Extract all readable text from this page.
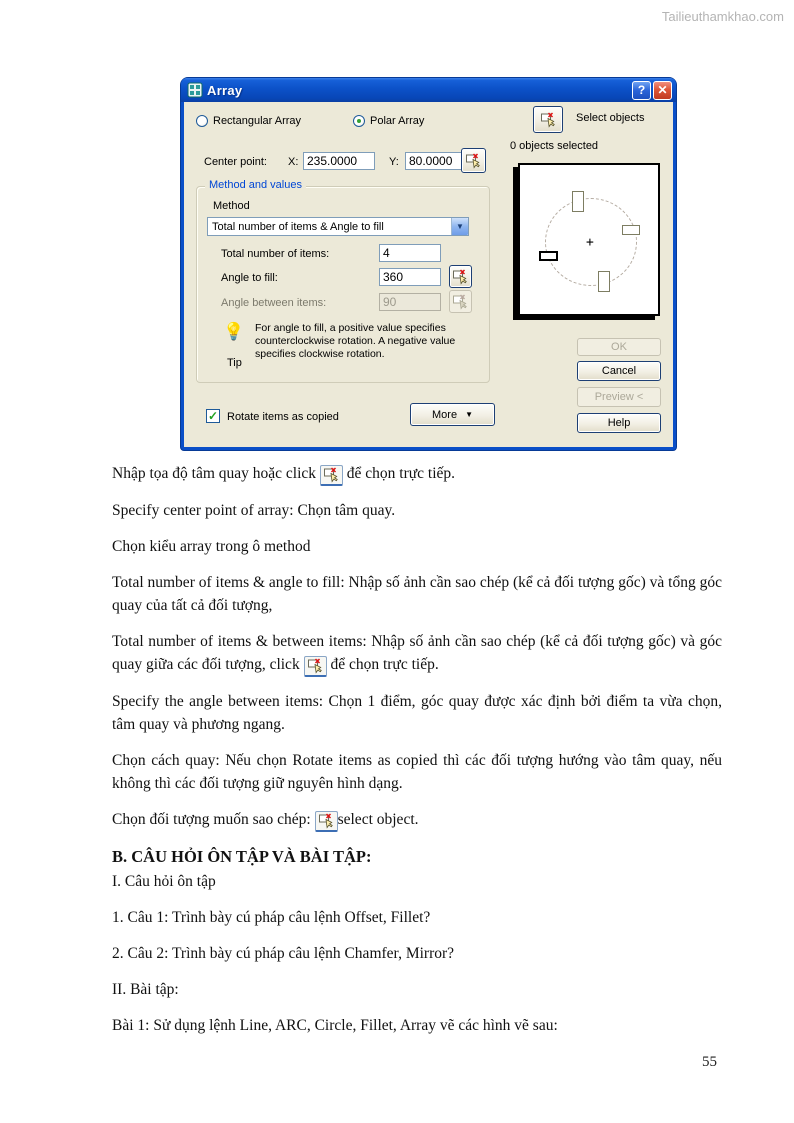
Tailieuthamkhao.com
Array	?	✕
Rectangular Array	Polar Array	Select objects
0 objects selected
Center point: X:
235.0000	Y:
80.0000
Method and values
Method
Total number of items & Angle to fill	▼
Total number of items:
4
Angle to fill:
360
Angle between items:
90
💡
Tip
For angle to fill, a positive value specifies counterclockwise rotation. A negative value specifies clockwise rotation.
✓ Rotate items as copied	More ▼
+
OK
Cancel
Preview <
Help

Nhập tọa độ tâm quay hoặc click  để chọn trực tiếp.

Specify center point of array: Chọn tâm quay.

Chọn kiểu array trong ô method

Total number of items & angle to fill: Nhập số ảnh cần sao chép (kể cả đối tượng gốc) và tổng góc quay của tất cả đối tượng,

Total number of items & between items: Nhập số ảnh cần sao chép (kể cả đối tượng gốc) và góc quay giữa các đối tượng, click  để chọn trực tiếp.

Specify the angle between items: Chọn 1 điểm, góc quay được xác định bởi điểm ta vừa chọn, tâm quay và phương ngang.

Chọn cách quay: Nếu chọn Rotate items as copied thì các đối tượng hướng vào tâm quay, nếu không thì các đối tượng giữ nguyên hình dạng.

Chọn đối tượng muốn sao chép: select object.

B. CÂU HỎI ÔN TẬP VÀ BÀI TẬP:

I. Câu hỏi ôn tập

1. Câu 1: Trình bày cú pháp câu lệnh Offset, Fillet?

2. Câu 2: Trình bày cú pháp câu lệnh Chamfer, Mirror?

II. Bài tập:

Bài 1: Sử dụng lệnh Line, ARC, Circle, Fillet, Array vẽ các hình vẽ sau:

55
